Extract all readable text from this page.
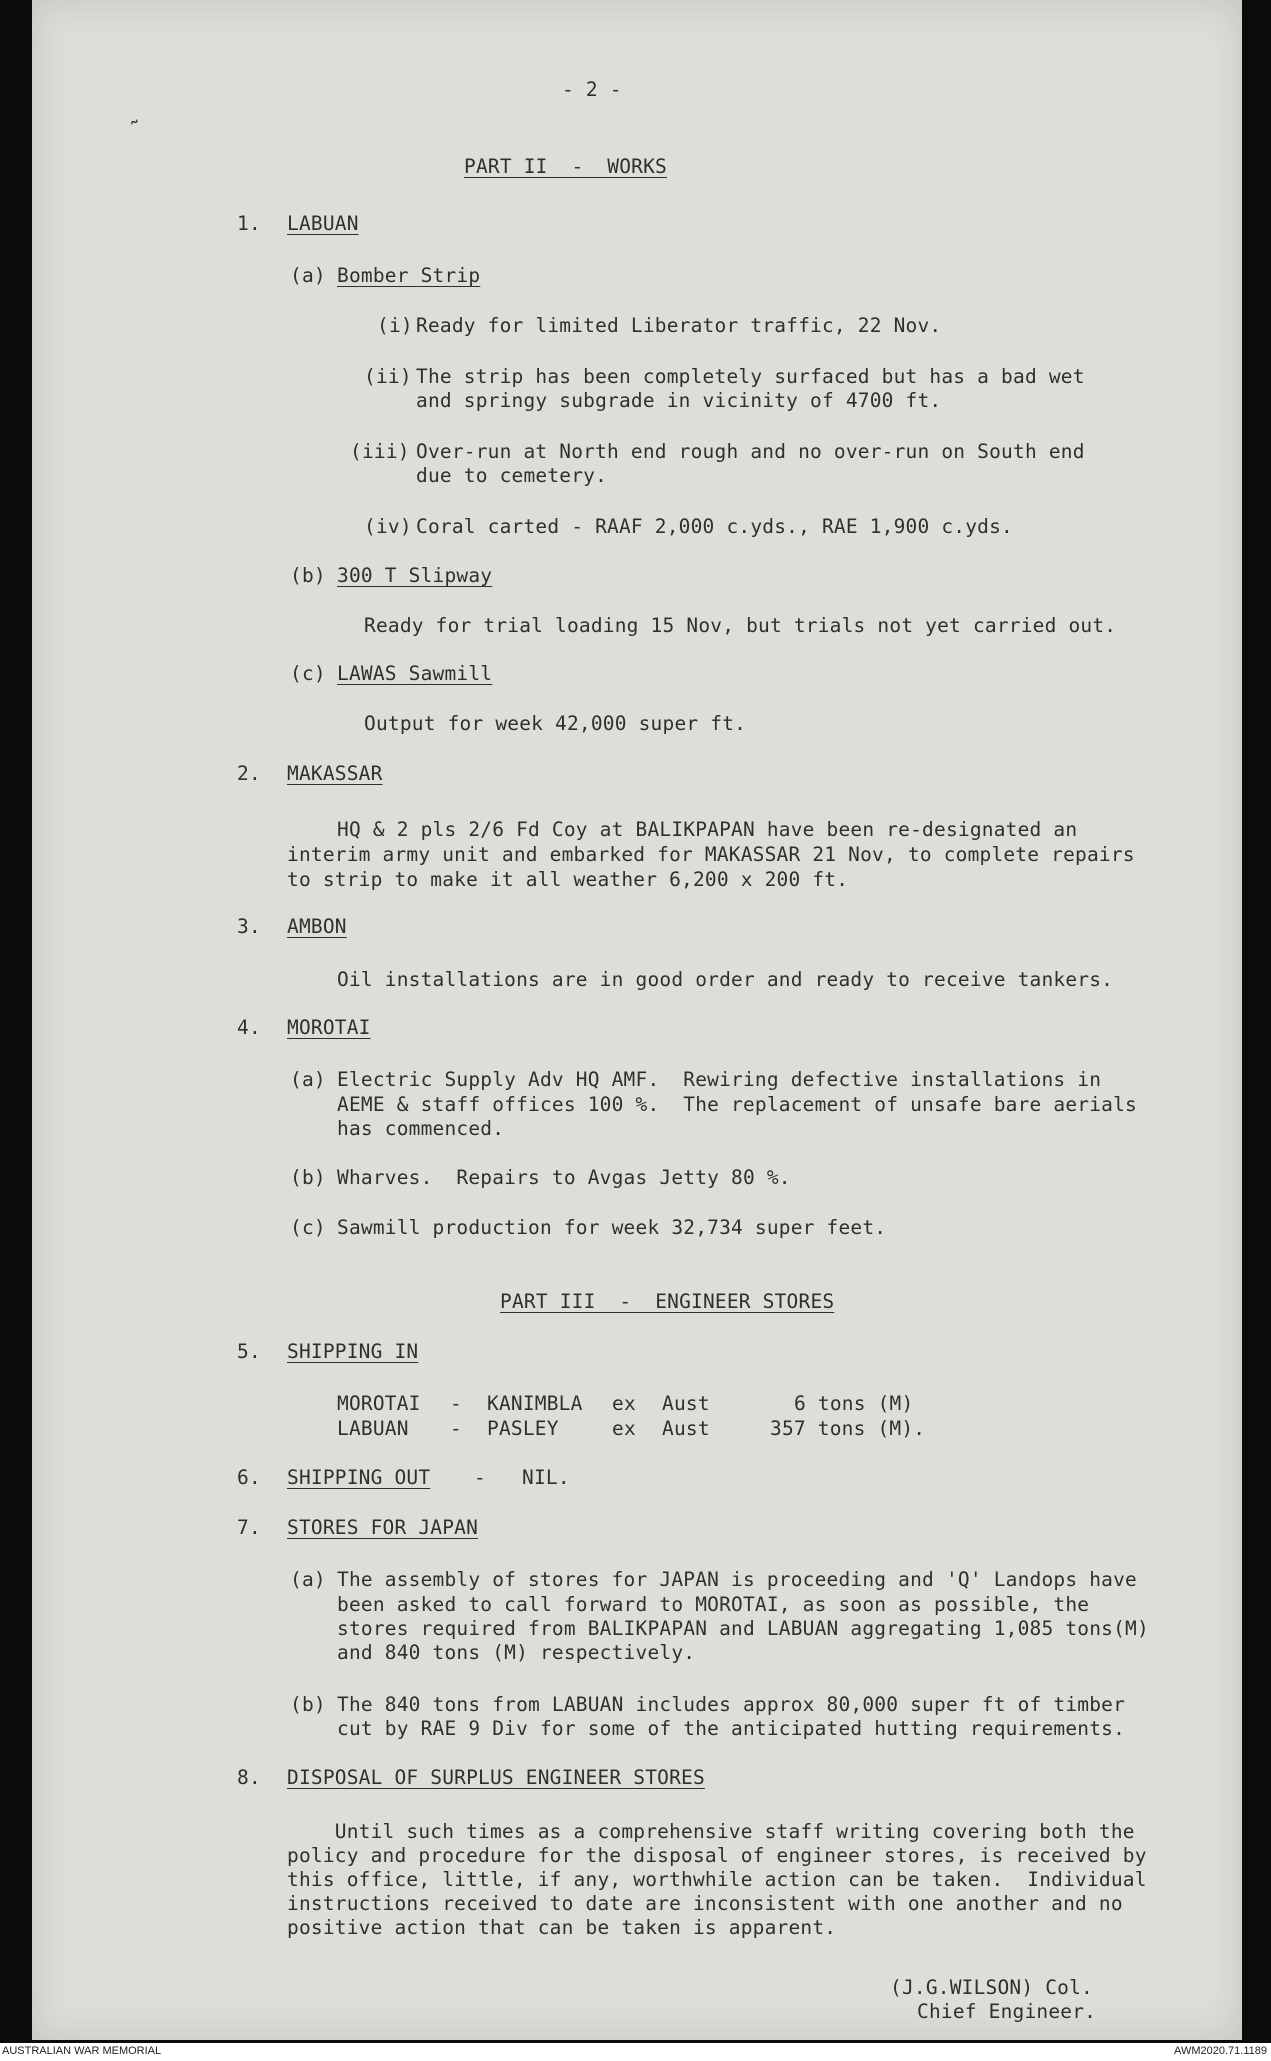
˜
- 2 -
PART II  -  WORKS
1. LABUAN
(a) Bomber Strip
(i) Ready for limited Liberator traffic, 22 Nov.
(ii) The strip has been completely surfaced but has a bad wet
and springy subgrade in vicinity of 4700 ft.
(iii) Over-run at North end rough and no over-run on South end
due to cemetery.
(iv) Coral carted - RAAF 2,000 c.yds., RAE 1,900 c.yds.
(b) 300 T Slipway
Ready for trial loading 15 Nov, but trials not yet carried out.
(c) LAWAS Sawmill
Output for week 42,000 super ft.
2. MAKASSAR
HQ & 2 pls 2/6 Fd Coy at BALIKPAPAN have been re-designated an
interim army unit and embarked for MAKASSAR 21 Nov, to complete repairs
to strip to make it all weather 6,200 x 200 ft.
3. AMBON
Oil installations are in good order and ready to receive tankers.
4. MOROTAI
(a) Electric Supply Adv HQ AMF.  Rewiring defective installations in
AEME & staff offices 100 %.  The replacement of unsafe bare aerials
has commenced.
(b) Wharves.  Repairs to Avgas Jetty 80 %.
(c) Sawmill production for week 32,734 super feet.
PART III  -  ENGINEER STORES
5. SHIPPING IN
MOROTAI - KANIMBLA ex Aust	6 tons (M)
LABUAN - PASLEY	ex Aust	357 tons (M).
6. SHIPPING OUT - NIL.
7. STORES FOR JAPAN
(a) The assembly of stores for JAPAN is proceeding and 'Q' Landops have
been asked to call forward to MOROTAI, as soon as possible, the
stores required from BALIKPAPAN and LABUAN aggregating 1,085 tons(M)
and 840 tons (M) respectively.
(b) The 840 tons from LABUAN includes approx 80,000 super ft of timber
cut by RAE 9 Div for some of the anticipated hutting requirements.
8. DISPOSAL OF SURPLUS ENGINEER STORES
Until such times as a comprehensive staff writing covering both the
policy and procedure for the disposal of engineer stores, is received by
this office, little, if any, worthwhile action can be taken.  Individual
instructions received to date are inconsistent with one another and no
positive action that can be taken is apparent.
(J.G.WILSON) Col.
Chief Engineer.
AUSTRALIAN WAR MEMORIAL	AWM2020.71.1189
